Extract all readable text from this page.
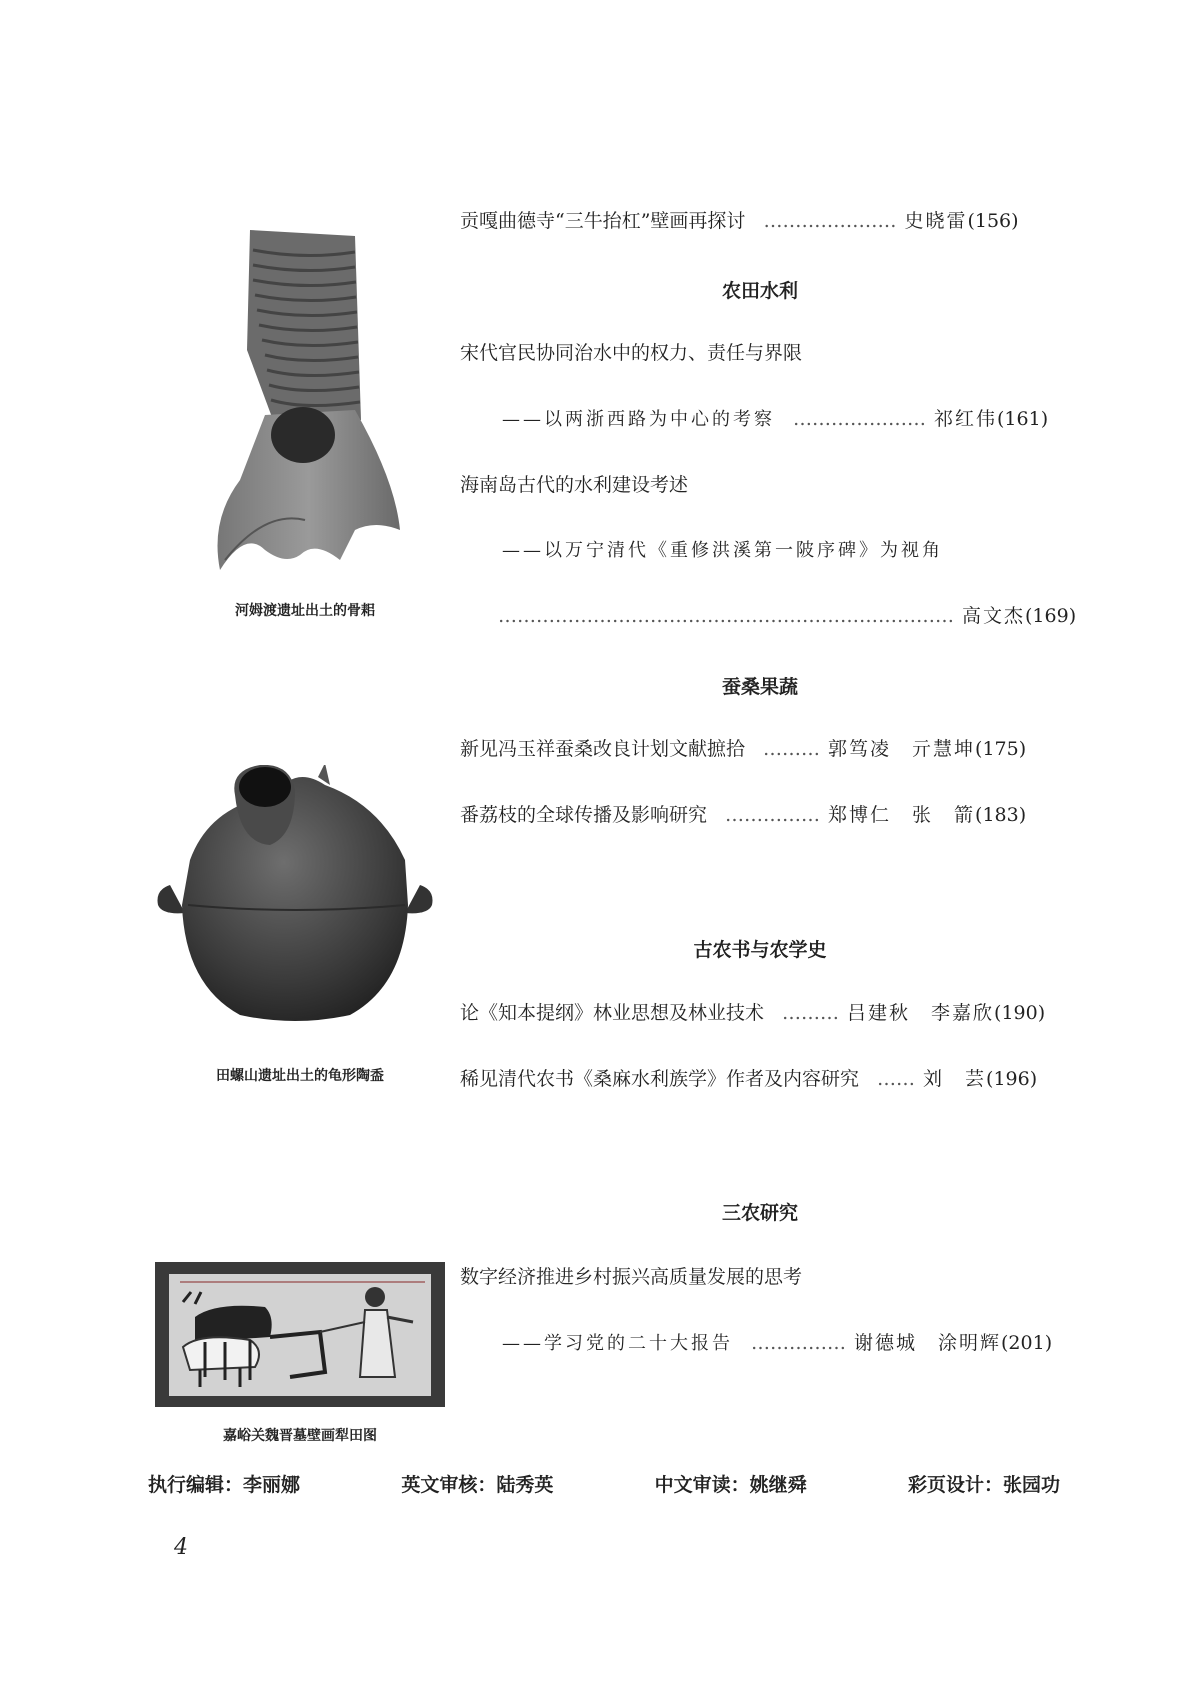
河姆渡遗址出土的骨耜
田螺山遗址出土的龟形陶盉
嘉峪关魏晋墓壁画犁田图
贡嘎曲德寺“三牛抬杠”壁画再探讨 ………………… 史晓雷 (156)
农田水利
宋代官民协同治水中的权力、责任与界限
——以两浙西路为中心的考察 ………………… 祁红伟 (161)
海南岛古代的水利建设考述
——以万宁清代《重修洪溪第一陂序碑》为视角
……………………………………………………………… 高文杰 (169)
蚕桑果蔬
新见冯玉祥蚕桑改良计划文献摭拾 ……… 郭笃凌　亓慧坤 (175)
番荔枝的全球传播及影响研究 …………… 郑博仁　张　箭 (183)
古农书与农学史
论《知本提纲》林业思想及林业技术 ……… 吕建秋　李嘉欣 (190)
稀见清代农书《桑麻水利族学》作者及内容研究 …… 刘　芸 (196)
三农研究
数字经济推进乡村振兴高质量发展的思考
——学习党的二十大报告 …………… 谢德城　涂明辉 (201)
执行编辑：李丽娜	英文审核：陆秀英	中文审读：姚继舜	彩页设计：张园功
4
